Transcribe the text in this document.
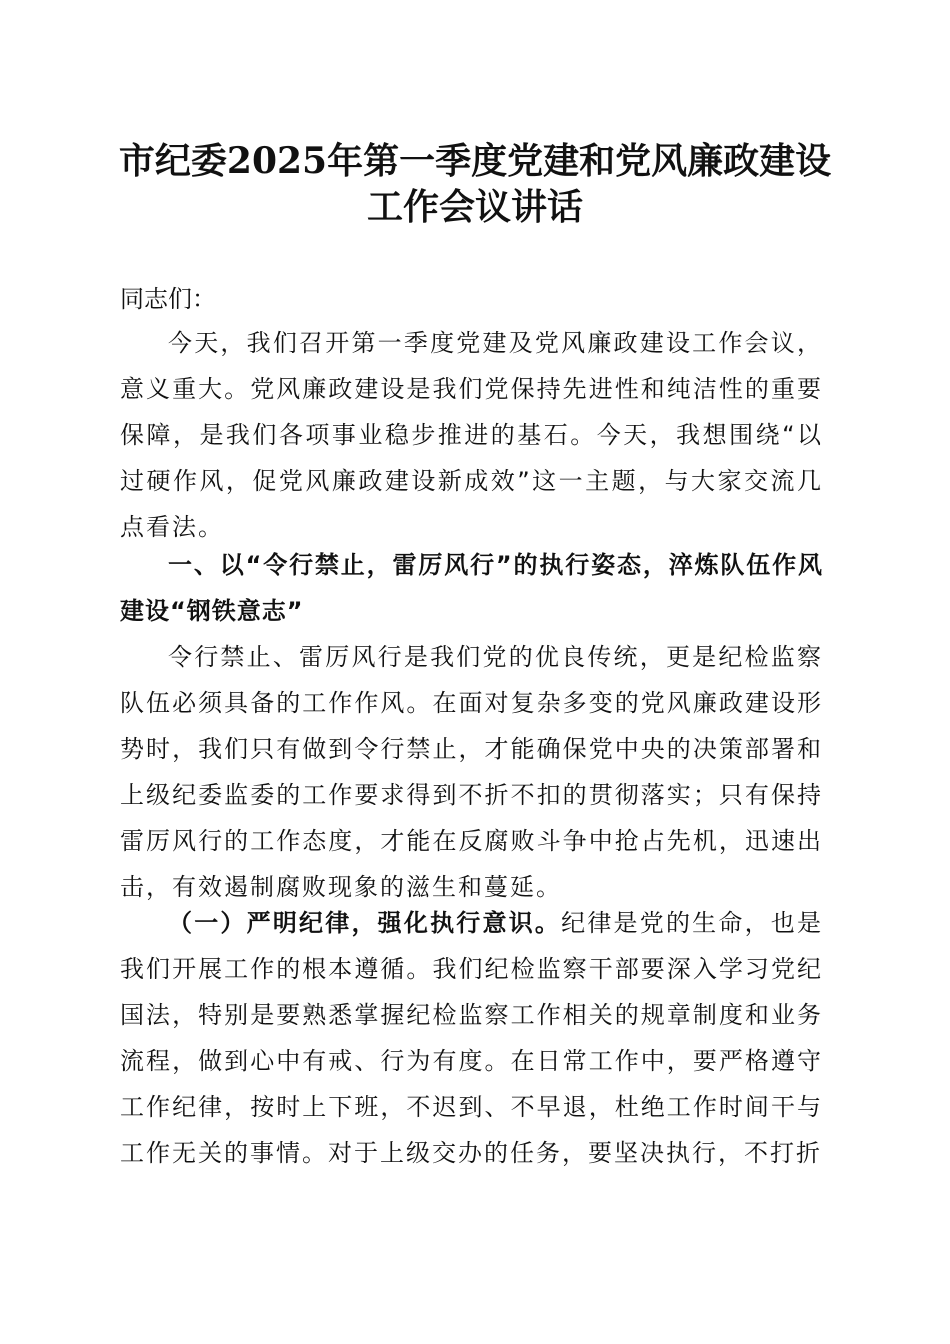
市纪委2025年第一季度党建和党风廉政建设
工作会议讲话

同志们：

今天，我们召开第一季度党建及党风廉政建设工作会议，意义重大。党风廉政建设是我们党保持先进性和纯洁性的重要保障，是我们各项事业稳步推进的基石。今天，我想围绕“以过硬作风，促党风廉政建设新成效”这一主题，与大家交流几点看法。

一、以“令行禁止，雷厉风行”的执行姿态，淬炼队伍作风建设“钢铁意志”

令行禁止、雷厉风行是我们党的优良传统，更是纪检监察队伍必须具备的工作作风。在面对复杂多变的党风廉政建设形势时，我们只有做到令行禁止，才能确保党中央的决策部署和上级纪委监委的工作要求得到不折不扣的贯彻落实；只有保持雷厉风行的工作态度，才能在反腐败斗争中抢占先机，迅速出击，有效遏制腐败现象的滋生和蔓延。

（一）严明纪律，强化执行意识。纪律是党的生命，也是我们开展工作的根本遵循。我们纪检监察干部要深入学习党纪国法，特别是要熟悉掌握纪检监察工作相关的规章制度和业务流程，做到心中有戒、行为有度。在日常工作中，要严格遵守工作纪律，按时上下班，不迟到、不早退，杜绝工作时间干与工作无关的事情。对于上级交办的任务，要坚决执行，不打折
